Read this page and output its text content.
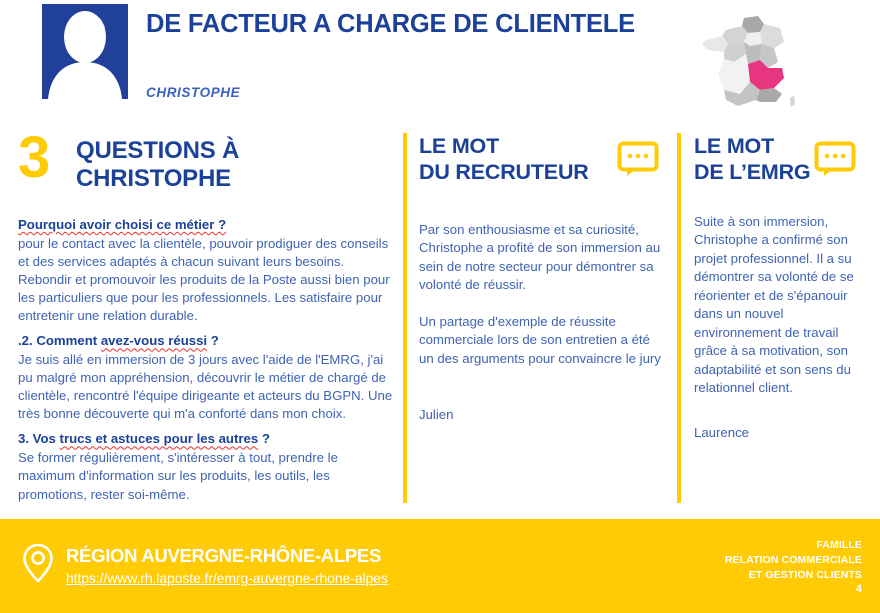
DE FACTEUR A CHARGE DE CLIENTELE
CHRISTOPHE
3 QUESTIONS À
CHRISTOPHE
Pourquoi avoir choisi ce métier ?
pour le contact avec la clientèle, pouvoir prodiguer des conseils et des services adaptés à chacun suivant leurs besoins. Rebondir et promouvoir les produits de la Poste aussi bien pour les particuliers que pour les professionnels. Les satisfaire pour entretenir une relation durable.
.2. Comment avez-vous réussi ?
Je suis allé en immersion de 3 jours avec l'aide de l'EMRG, j'ai pu malgré mon appréhension, découvrir le métier de chargé de clientèle, rencontré l'équipe dirigeante et acteurs du BGPN. Une très bonne découverte qui m'a conforté dans mon choix.
3. Vos trucs et astuces pour les autres ?
Se former régulièrement, s'intéresser à tout, prendre le maximum d'information sur les produits, les outils, les promotions, rester soi-même.
LE MOT
DU RECRUTEUR

Par son enthousiasme et sa curiosité, Christophe a profité de son immersion au sein de notre secteur pour démontrer sa volonté de réussir.

Un partage d'exemple de réussite commerciale lors de son entretien a été un des arguments pour convaincre le jury

Julien
LE MOT
DE L’EMRG

Suite à son immersion, Christophe a confirmé son projet professionnel. Il a su démontrer sa volonté de se réorienter et de s'épanouir dans un nouvel environnement de travail grâce à sa motivation, son adaptabilité et son sens du relationnel client.

Laurence
RÉGION AUVERGNE-RHÔNE-ALPES
https://www.rh.laposte.fr/emrg-auvergne-rhone-alpes
FAMILLE
RELATION COMMERCIALE
ET GESTION CLIENTS
4
